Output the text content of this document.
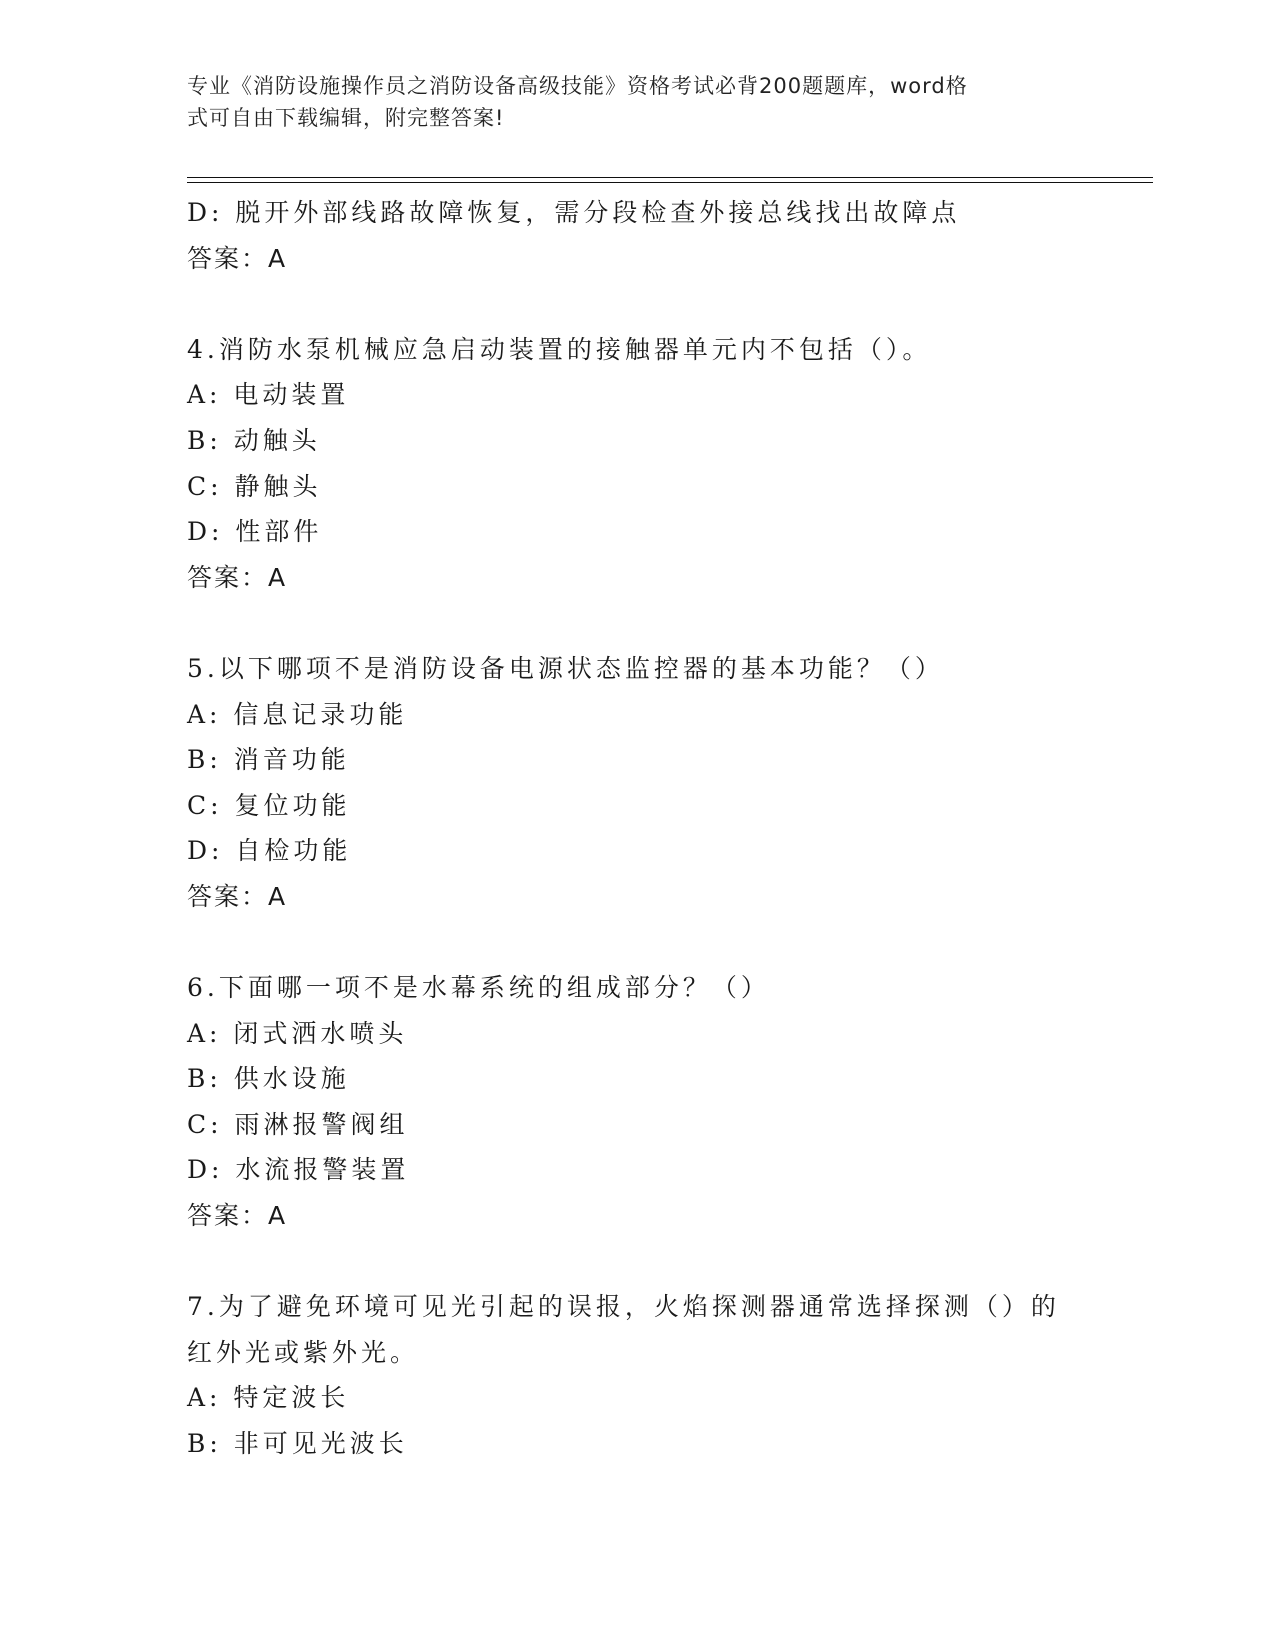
专业《消防设施操作员之消防设备高级技能》资格考试必背200题题库，word格
式可自由下载编辑，附完整答案!
D: 脱开外部线路故障恢复，需分段检查外接总线找出故障点
答案：A
4.消防水泵机械应急启动装置的接触器单元内不包括（）。
A: 电动装置
B: 动触头
C: 静触头
D: 性部件
答案：A
5.以下哪项不是消防设备电源状态监控器的基本功能？（）
A: 信息记录功能
B: 消音功能
C: 复位功能
D: 自检功能
答案：A
6.下面哪一项不是水幕系统的组成部分？（）
A: 闭式洒水喷头
B: 供水设施
C: 雨淋报警阀组
D: 水流报警装置
答案：A
7.为了避免环境可见光引起的误报，火焰探测器通常选择探测（）的
红外光或紫外光。
A: 特定波长
B: 非可见光波长
